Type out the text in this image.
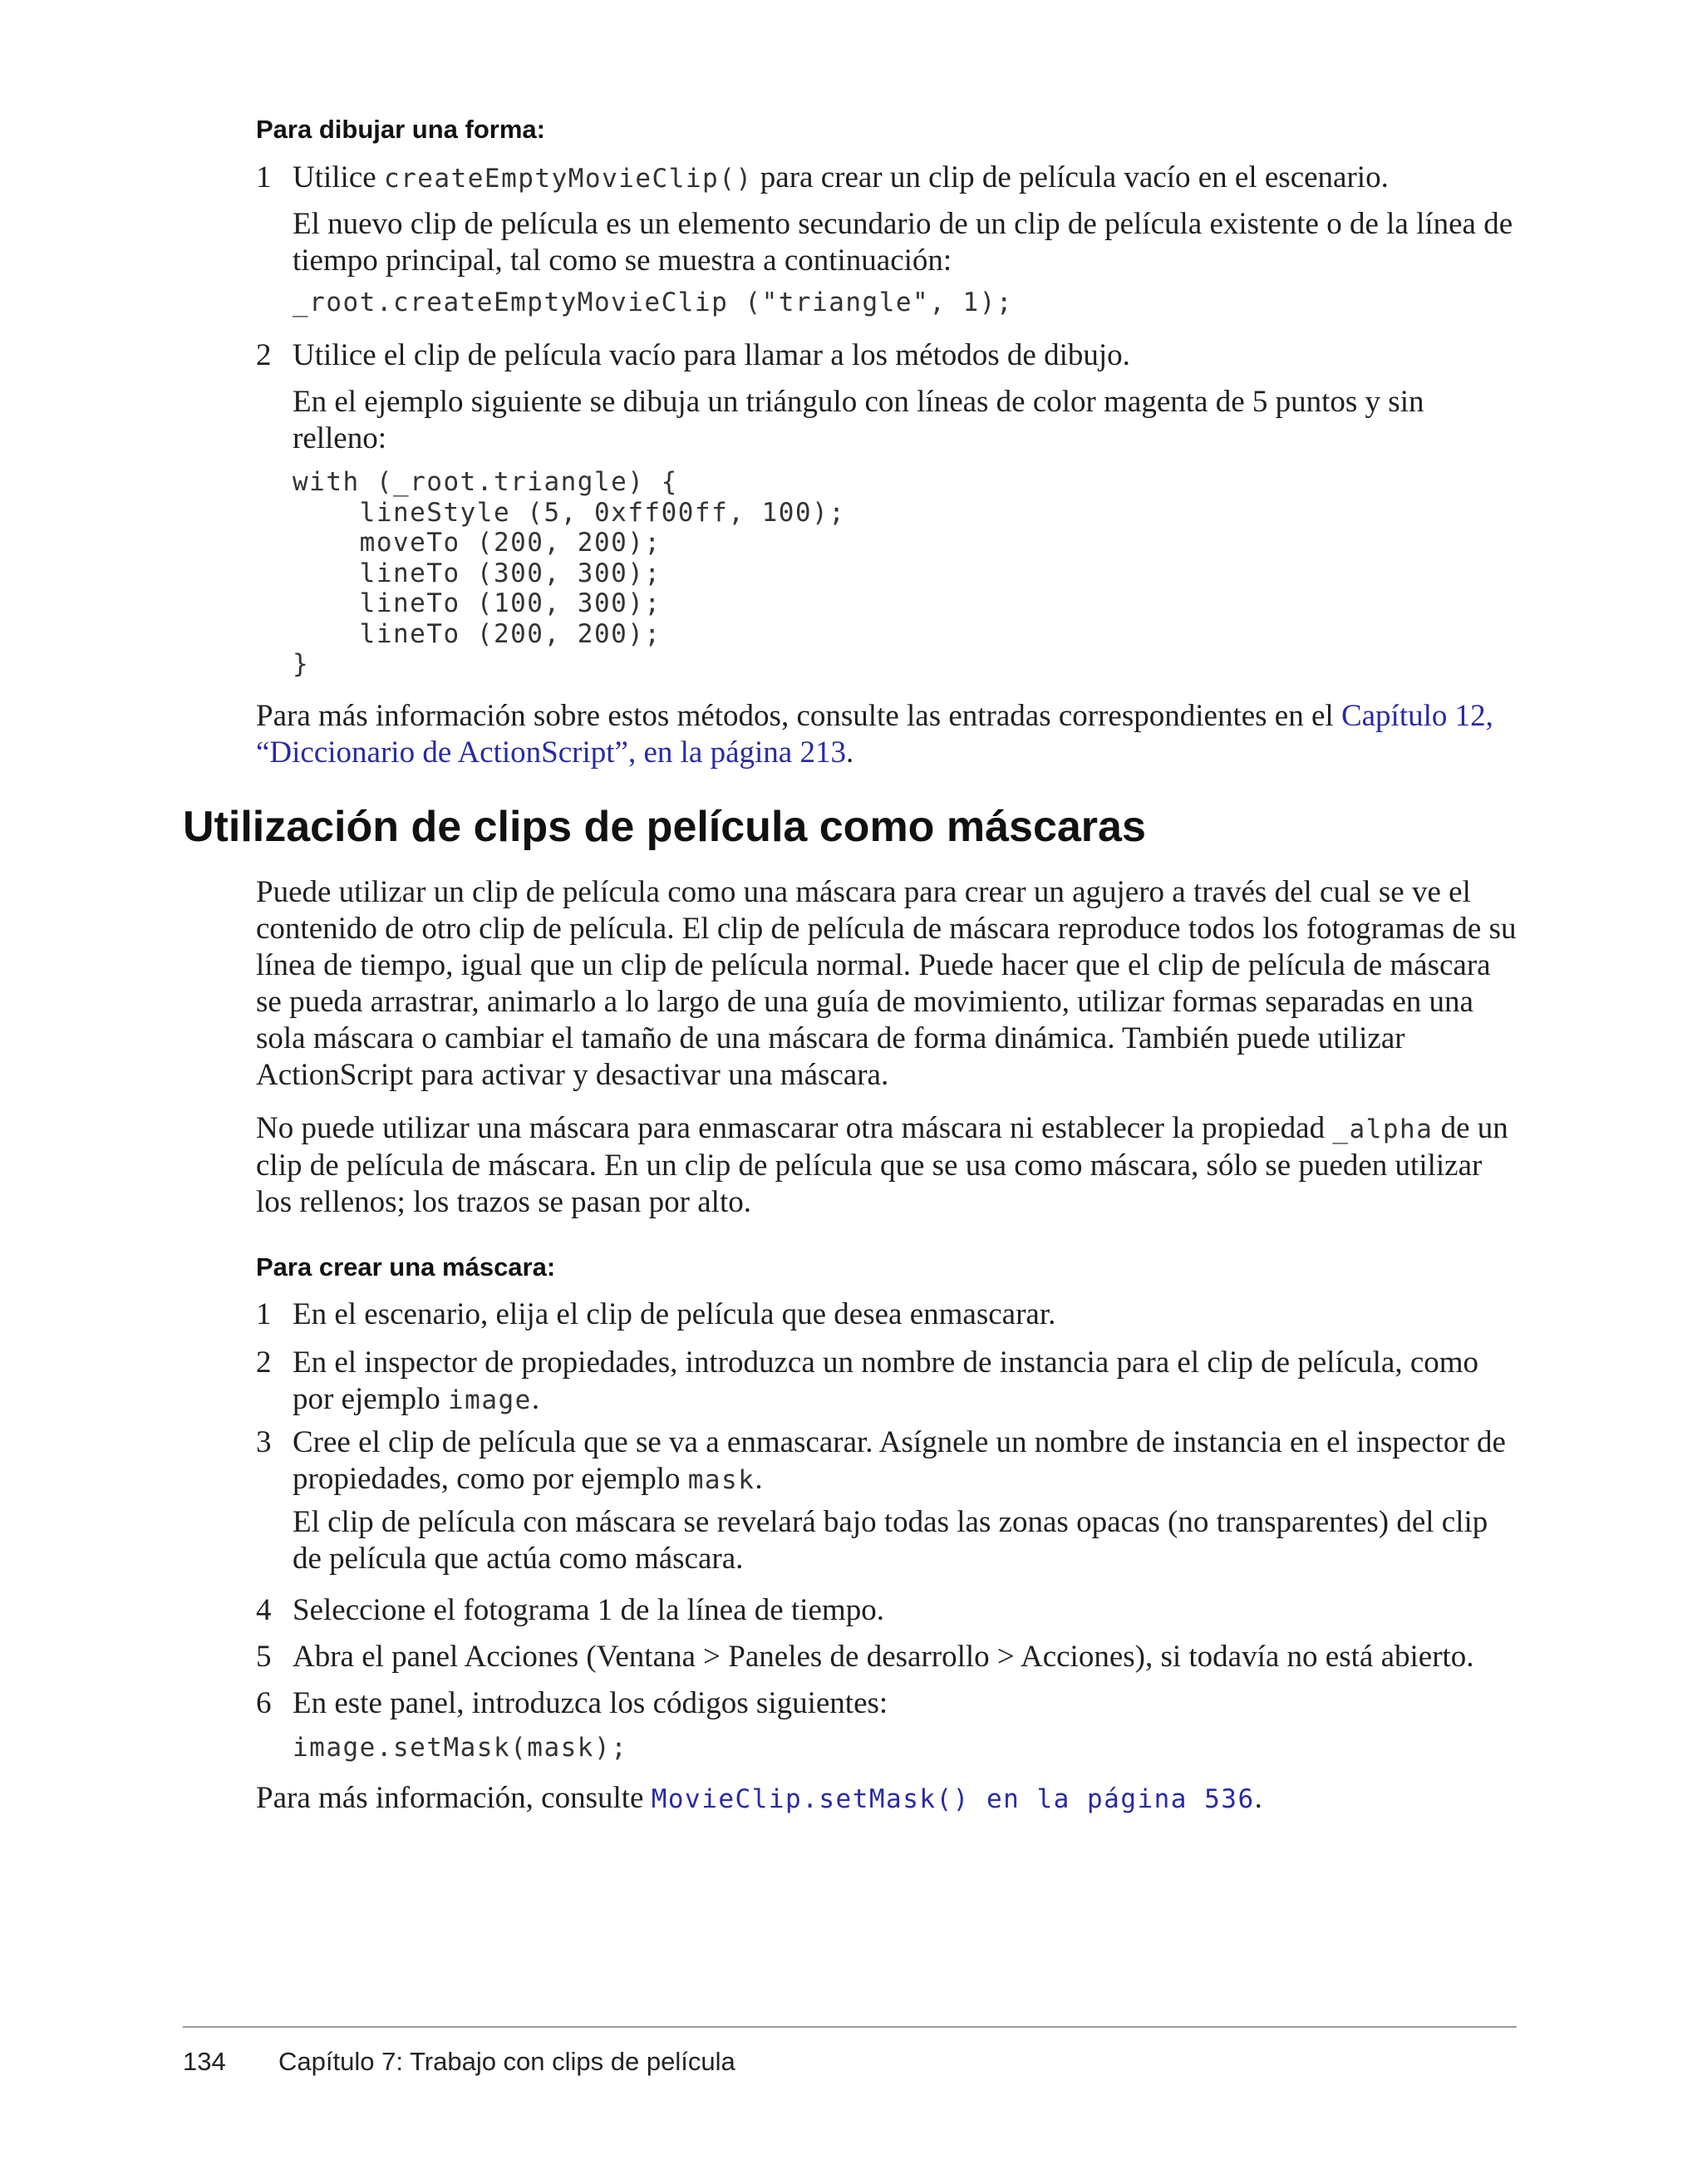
Para dibujar una forma:
1 Utilice createEmptyMovieClip() para crear un clip de película vacío en el escenario.
El nuevo clip de película es un elemento secundario de un clip de película existente o de la línea de tiempo principal, tal como se muestra a continuación:
_root.createEmptyMovieClip ("triangle", 1);
2 Utilice el clip de película vacío para llamar a los métodos de dibujo.
En el ejemplo siguiente se dibuja un triángulo con líneas de color magenta de 5 puntos y sin relleno:
with (_root.triangle) {
lineStyle (5, 0xff00ff, 100);
moveTo (200, 200);
lineTo (300, 300);
lineTo (100, 300);
lineTo (200, 200);
}
Para más información sobre estos métodos, consulte las entradas correspondientes en el Capítulo 12, “Diccionario de ActionScript”, en la página 213.
Utilización de clips de película como máscaras
Puede utilizar un clip de película como una máscara para crear un agujero a través del cual se ve el contenido de otro clip de película. El clip de película de máscara reproduce todos los fotogramas de su línea de tiempo, igual que un clip de película normal. Puede hacer que el clip de película de máscara se pueda arrastrar, animarlo a lo largo de una guía de movimiento, utilizar formas separadas en una sola máscara o cambiar el tamaño de una máscara de forma dinámica. También puede utilizar ActionScript para activar y desactivar una máscara.
No puede utilizar una máscara para enmascarar otra máscara ni establecer la propiedad _alpha de un clip de película de máscara. En un clip de película que se usa como máscara, sólo se pueden utilizar los rellenos; los trazos se pasan por alto.
Para crear una máscara:
1 En el escenario, elija el clip de película que desea enmascarar.
2 En el inspector de propiedades, introduzca un nombre de instancia para el clip de película, como por ejemplo image.
3 Cree el clip de película que se va a enmascarar. Asígnele un nombre de instancia en el inspector de propiedades, como por ejemplo mask.
El clip de película con máscara se revelará bajo todas las zonas opacas (no transparentes) del clip de película que actúa como máscara.
4 Seleccione el fotograma 1 de la línea de tiempo.
5 Abra el panel Acciones (Ventana > Paneles de desarrollo > Acciones), si todavía no está abierto.
6 En este panel, introduzca los códigos siguientes:
image.setMask(mask);
Para más información, consulte MovieClip.setMask() en la página 536.
134 Capítulo 7: Trabajo con clips de película
